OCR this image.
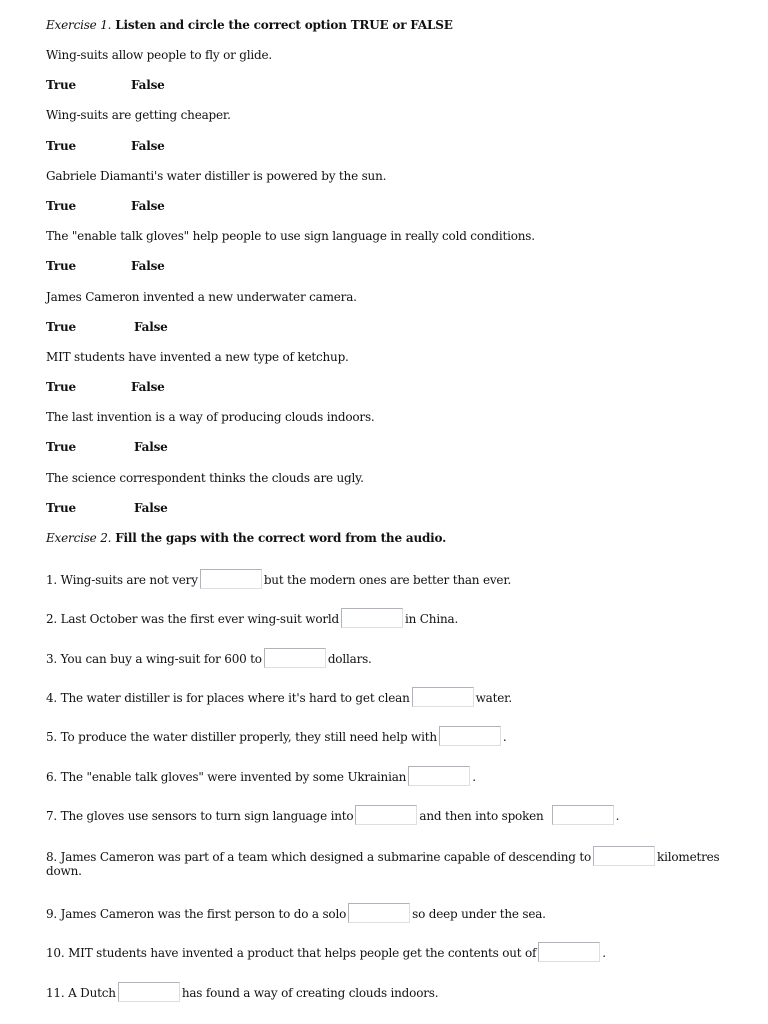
Exercise 1. Listen and circle the correct option TRUE or FALSE
Wing-suits allow people to fly or glide.
True	False
Wing-suits are getting cheaper.
True	False
Gabriele Diamanti's water distiller is powered by the sun.
True	False
The "enable talk gloves" help people to use sign language in really cold conditions.
True	False
James Cameron invented a new underwater camera.
True	False
MIT students have invented a new type of ketchup.
True	False
The last invention is a way of producing clouds indoors.
True	False
The science correspondent thinks the clouds are ugly.
True	False
Exercise 2. Fill the gaps with the correct word from the audio.
1. Wing-suits are not very	but the modern ones are better than ever.
2. Last October was the first ever wing-suit world	in China.
3. You can buy a wing-suit for 600 to	dollars.
4. The water distiller is for places where it's hard to get clean	water.
5. To produce the water distiller properly, they still need help with	.
6. The "enable talk gloves" were invented by some Ukrainian	.
7. The gloves use sensors to turn sign language into	and then into spoken	.
8. James Cameron was part of a team which designed a submarine capable of descending to	kilometres
down.
9. James Cameron was the first person to do a solo	so deep under the sea.
10. MIT students have invented a product that helps people get the contents out of	.
11. A Dutch	has found a way of creating clouds indoors.
